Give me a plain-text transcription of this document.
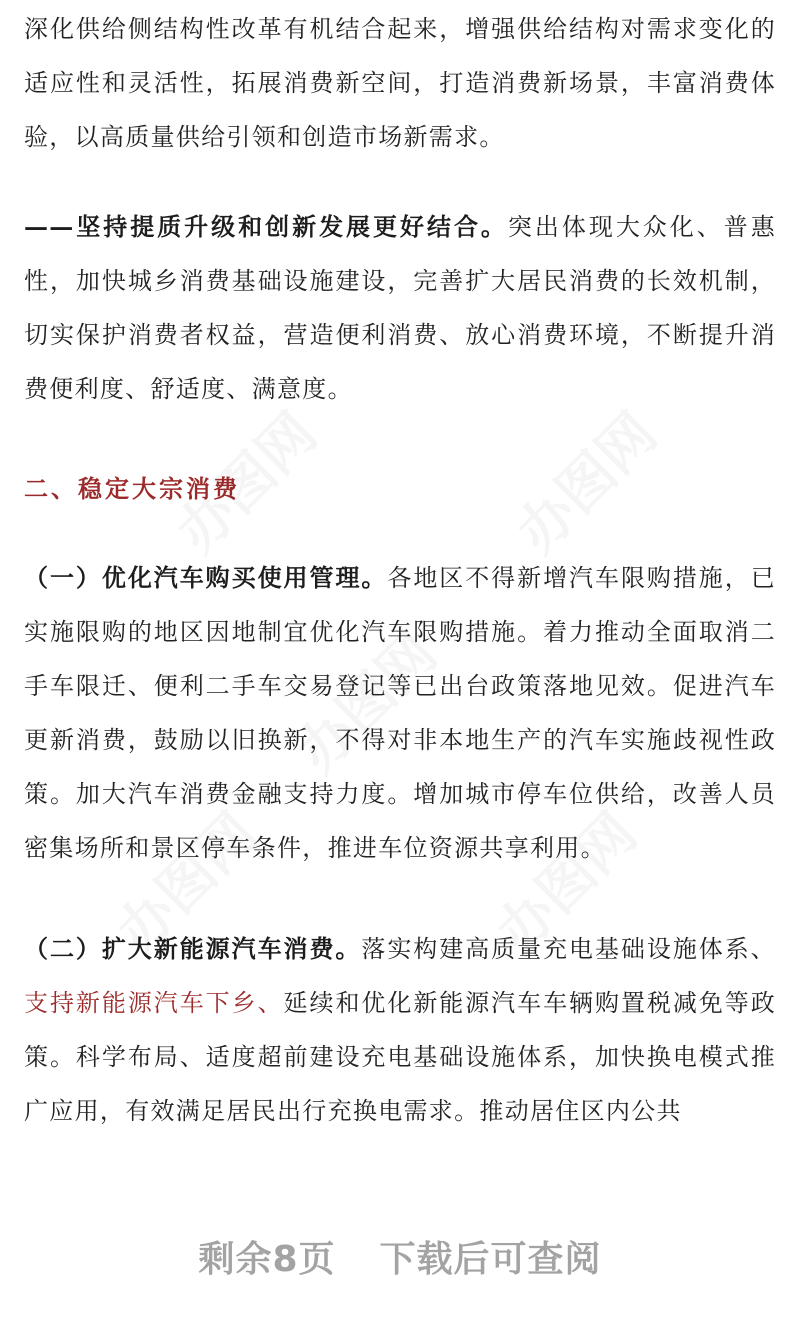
深化供给侧结构性改革有机结合起来，增强供给结构对需求变化的适应性和灵活性，拓展消费新空间，打造消费新场景，丰富消费体验，以高质量供给引领和创造市场新需求。

——坚持提质升级和创新发展更好结合。突出体现大众化、普惠性，加快城乡消费基础设施建设，完善扩大居民消费的长效机制，切实保护消费者权益，营造便利消费、放心消费环境，不断提升消费便利度、舒适度、满意度。

二、稳定大宗消费

（一）优化汽车购买使用管理。各地区不得新增汽车限购措施，已实施限购的地区因地制宜优化汽车限购措施。着力推动全面取消二手车限迁、便利二手车交易登记等已出台政策落地见效。促进汽车更新消费，鼓励以旧换新，不得对非本地生产的汽车实施歧视性政策。加大汽车消费金融支持力度。增加城市停车位供给，改善人员密集场所和景区停车条件，推进车位资源共享利用。

（二）扩大新能源汽车消费。落实构建高质量充电基础设施体系、支持新能源汽车下乡、延续和优化新能源汽车车辆购置税减免等政策。科学布局、适度超前建设充电基础设施体系，加快换电模式推广应用，有效满足居民出行充换电需求。推动居住区内公共

剩余8页 下载后可查阅
